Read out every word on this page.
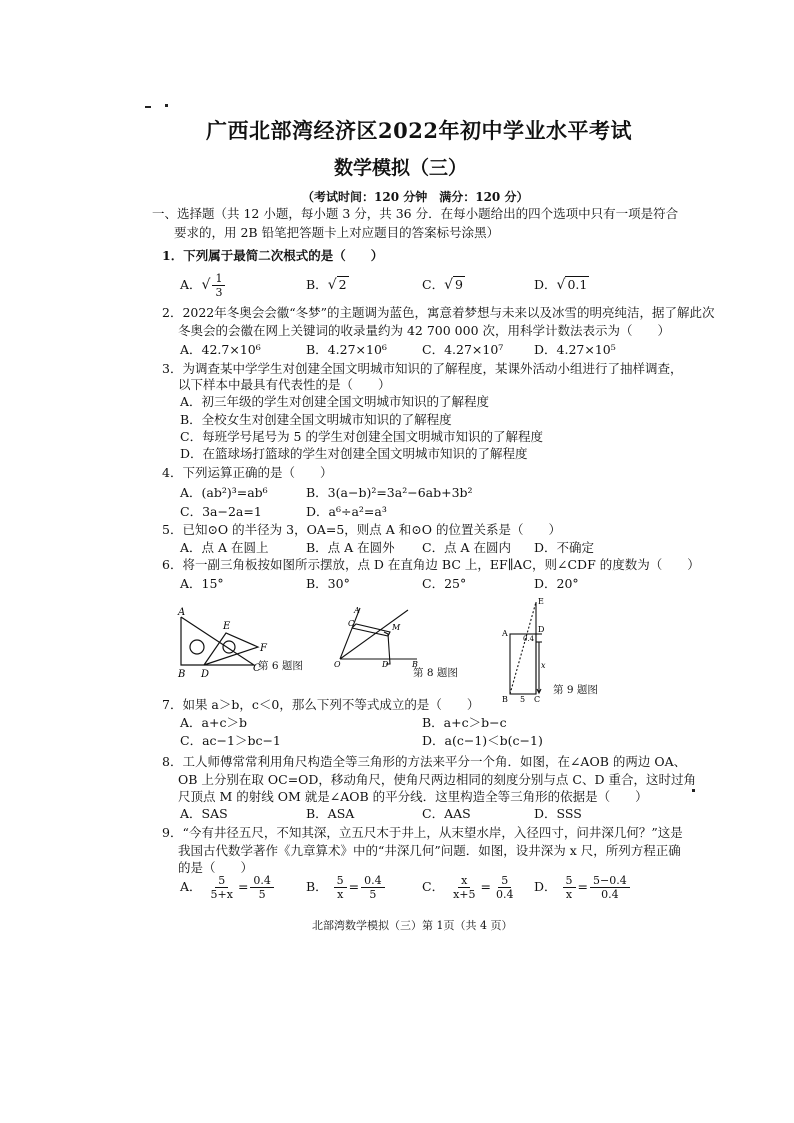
广西北部湾经济区2022年初中学业水平考试
数学模拟（三）
（考试时间：120 分钟　满分：120 分）
一、选择题（共 12 小题，每小题 3 分，共 36 分．在每小题给出的四个选项中只有一项是符合
要求的，用 2B 铅笔把答题卡上对应题目的答案标号涂黑）
1．下列属于最简二次根式的是（　　）
A．√ $\frac{1}{3}$	B．√ 2	C．√ 9	D．√ 0.1
2．2022年冬奥会会徽“冬梦”的主题调为蓝色，寓意着梦想与未来以及冰雪的明亮纯洁，据了解此次
冬奥会的会徽在网上关键词的收录量约为 42 700 000 次，用科学计数法表示为（　　）
A．42.7×10⁶	B．4.27×10⁶	C．4.27×10⁷ D．4.27×10⁵
3．为调查某中学学生对创建全国文明城市知识的了解程度，某课外活动小组进行了抽样调查，
以下样本中最具有代表性的是（　　）
A．初三年级的学生对创建全国文明城市知识的了解程度
B．全校女生对创建全国文明城市知识的了解程度
C．每班学号尾号为 5 的学生对创建全国文明城市知识的了解程度
D．在篮球场打篮球的学生对创建全国文明城市知识的了解程度
4．下列运算正确的是（　　）
A．(ab²)³=ab⁶	B．3(a−b)²=3a²−6ab+3b²
C．3a−2a=1	D．a⁶÷a²=a³
5．已知⊙O 的半径为 3，OA=5，则点 A 和⊙O 的位置关系是（　　）
A．点 A 在圆上	B．点 A 在圆外 C．点 A 在圆内 D．不确定
6．将一副三角板按如图所示摆放，点 D 在直角边 BC 上，EF∥AC，则∠CDF 的度数为（　　）
A．15°	B．30°	C．25°	D．20°
A
B
C
D
E
F
第 6 题图	O
A
B
C
D
M
第 8 题图
E
A	D
0.4
x
B 5 C
第 9 题图
7．如果 a＞b，c＜0，那么下列不等式成立的是（　　）
A．a+c＞b	B．a+c＞b−c
C．ac−1＞bc−1	D．a(c−1)＜b(c−1)
8．工人师傅常常利用角尺构造全等三角形的方法来平分一个角．如图，在∠AOB 的两边 OA、
OB 上分别在取 OC=OD，移动角尺，使角尺两边相同的刻度分别与点 C、D 重合，这时过角
尺顶点 M 的射线 OM 就是∠AOB 的平分线．这里构造全等三角形的依据是（　　）
A．SAS	B．ASA	C．AAS	D．SSS
9．“今有井径五尺，不知其深，立五尺木于井上，从末望水岸，入径四寸，问井深几何？”这是
我国古代数学著作《九章算术》中的“井深几何”问题．如图，设井深为 x 尺，所列方程正确
的是（　　）
A． $\frac{5}{5+x} = \frac{0.4}{5}$	B． $\frac{5}{x} = \frac{0.4}{5}$	C． $\frac{x}{x+5} = \frac{5}{0.4}$ D． $\frac{5}{x} = \frac{5-0.4}{0.4}$
北部湾数学模拟（三）第 1页（共 4 页）
